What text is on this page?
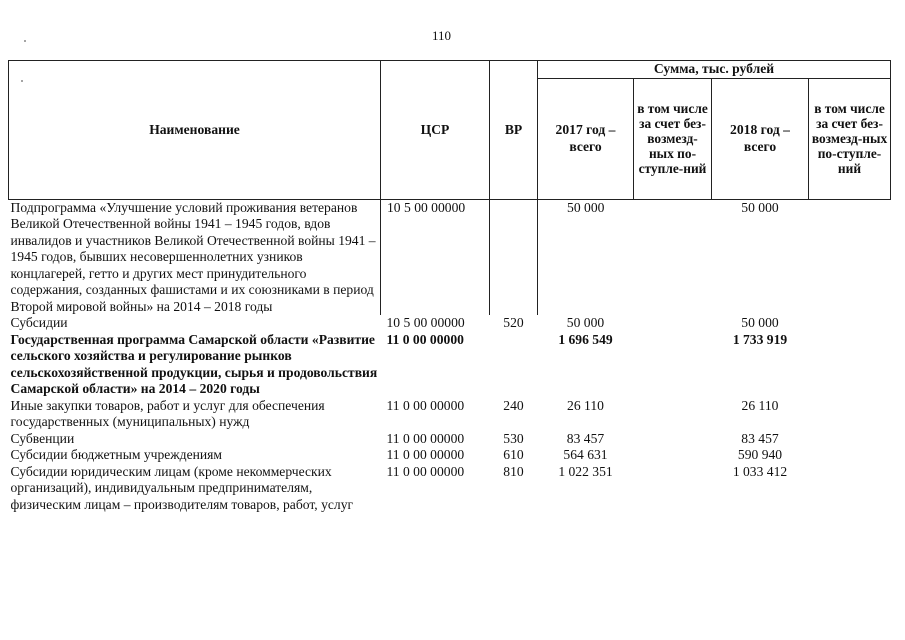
110
Наименование	ЦСР	ВР	Сумма, тыс. рублей			
			2017 год – всего	в том числе за счет без-возмезд-ных по-ступле-ний	2018 год – всего	в том числе за счет без-возмезд-ных по-ступле-ний
Подпрограмма «Улучшение условий проживания ветеранов Великой Отечественной войны 1941 – 1945 годов, вдов инвалидов и участников Великой Отечественной войны 1941 – 1945 годов, бывших несовершеннолетних узников концлагерей, гетто и других мест принудительного содержания, созданных фашистами и их союзниками в период Второй мировой войны» на 2014 – 2018 годы	10 5 00 00000		50 000		50 000	
Субсидии	10 5 00 00000	520	50 000		50 000	
Государственная программа Самарской области «Развитие сельского хозяйства и регулирование рынков сельскохозяйственной продукции, сырья и продовольствия Самарской области» на 2014 – 2020 годы	11 0 00 00000		1 696 549		1 733 919	
Иные закупки товаров, работ и услуг для обеспечения государственных (муниципальных) нужд	11 0 00 00000	240	26 110		26 110	
Субвенции	11 0 00 00000	530	83 457		83 457	
Субсидии бюджетным учреждениям	11 0 00 00000	610	564 631		590 940	
Субсидии юридическим лицам (кроме некоммерческих организаций), индивидуальным предпринимателям, физическим лицам – производителям товаров, работ, услуг	11 0 00 00000	810	1 022 351		1 033 412	
